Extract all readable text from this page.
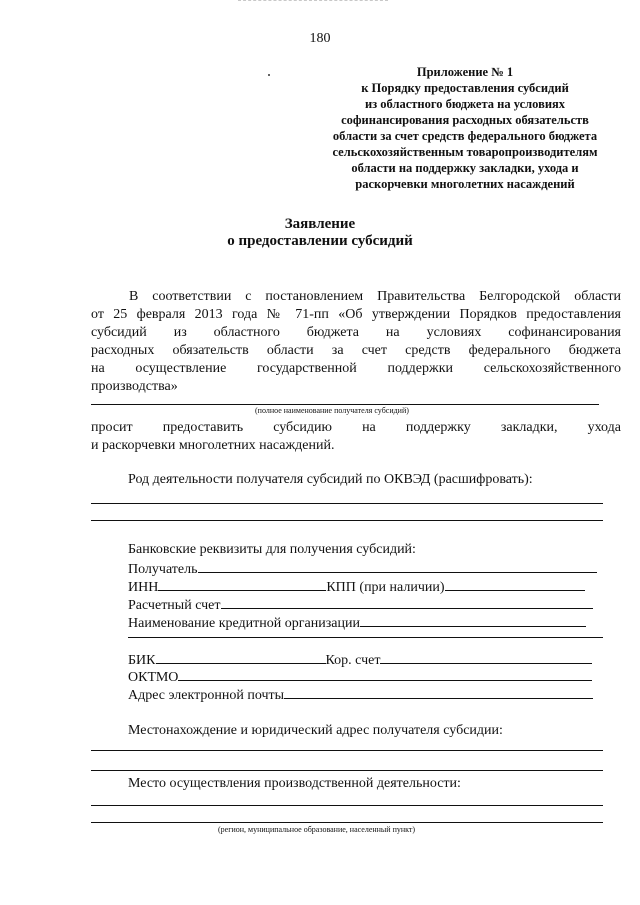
180
Приложение № 1
к Порядку предоставления субсидий
из областного бюджета на условиях
софинансирования расходных обязательств
области за счет средств федерального бюджета
сельскохозяйственным товаропроизводителям
области на поддержку закладки, ухода и
раскорчевки многолетних насаждений
Заявление
о предоставлении субсидий
В соответствии с постановлением Правительства Белгородской области
от 25 февраля 2013 года № 71-пп «Об утверждении Порядков предоставления
субсидий из областного бюджета на условиях софинансирования
расходных обязательств области за счет средств федерального бюджета
на осуществление государственной поддержки сельскохозяйственного
производства»
(полное наименование получателя субсидий)
просит предоставить субсидию на поддержку закладки, ухода
и раскорчевки многолетних насаждений.
Род деятельности получателя субсидий по ОКВЭД (расшифровать):
Банковские реквизиты для получения субсидий:
Получатель
ИНН	КПП (при наличии)
Расчетный счет
Наименование кредитной организации
БИК	Кор. счет
ОКТМО
Адрес электронной почты
Местонахождение и юридический адрес получателя субсидии:
Место осуществления производственной деятельности:
(регион, муниципальное образование, населенный пункт)
